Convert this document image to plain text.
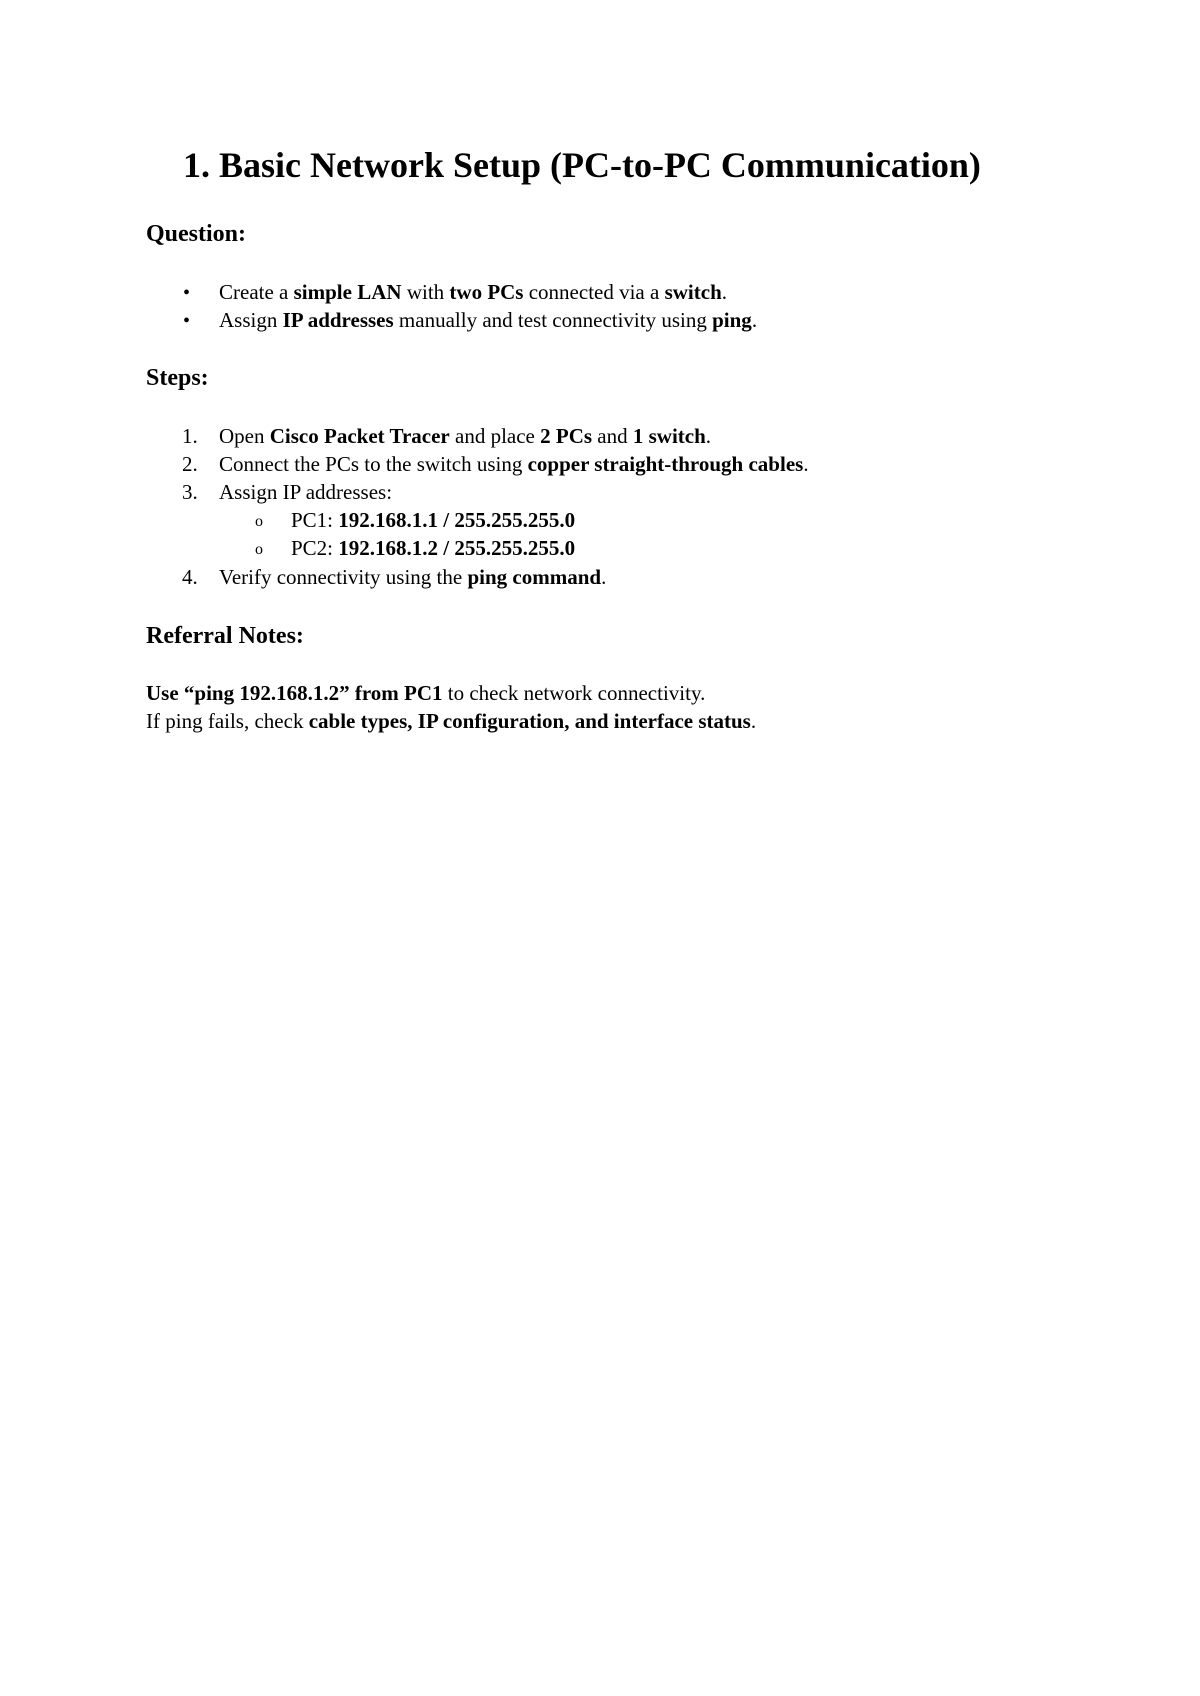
1. Basic Network Setup (PC-to-PC Communication)
Question:
• Create a simple LAN with two PCs connected via a switch.

• Assign IP addresses manually and test connectivity using ping.

Steps:
1. Open Cisco Packet Tracer and place 2 PCs and 1 switch.

2. Connect the PCs to the switch using copper straight-through cables.

3. Assign IP addresses:

o PC1: 192.168.1.1 / 255.255.255.0

o PC2: 192.168.1.2 / 255.255.255.0

4. Verify connectivity using the ping command.

Referral Notes:

Use “ping 192.168.1.2” from PC1 to check network connectivity.

If ping fails, check cable types, IP configuration, and interface status.
